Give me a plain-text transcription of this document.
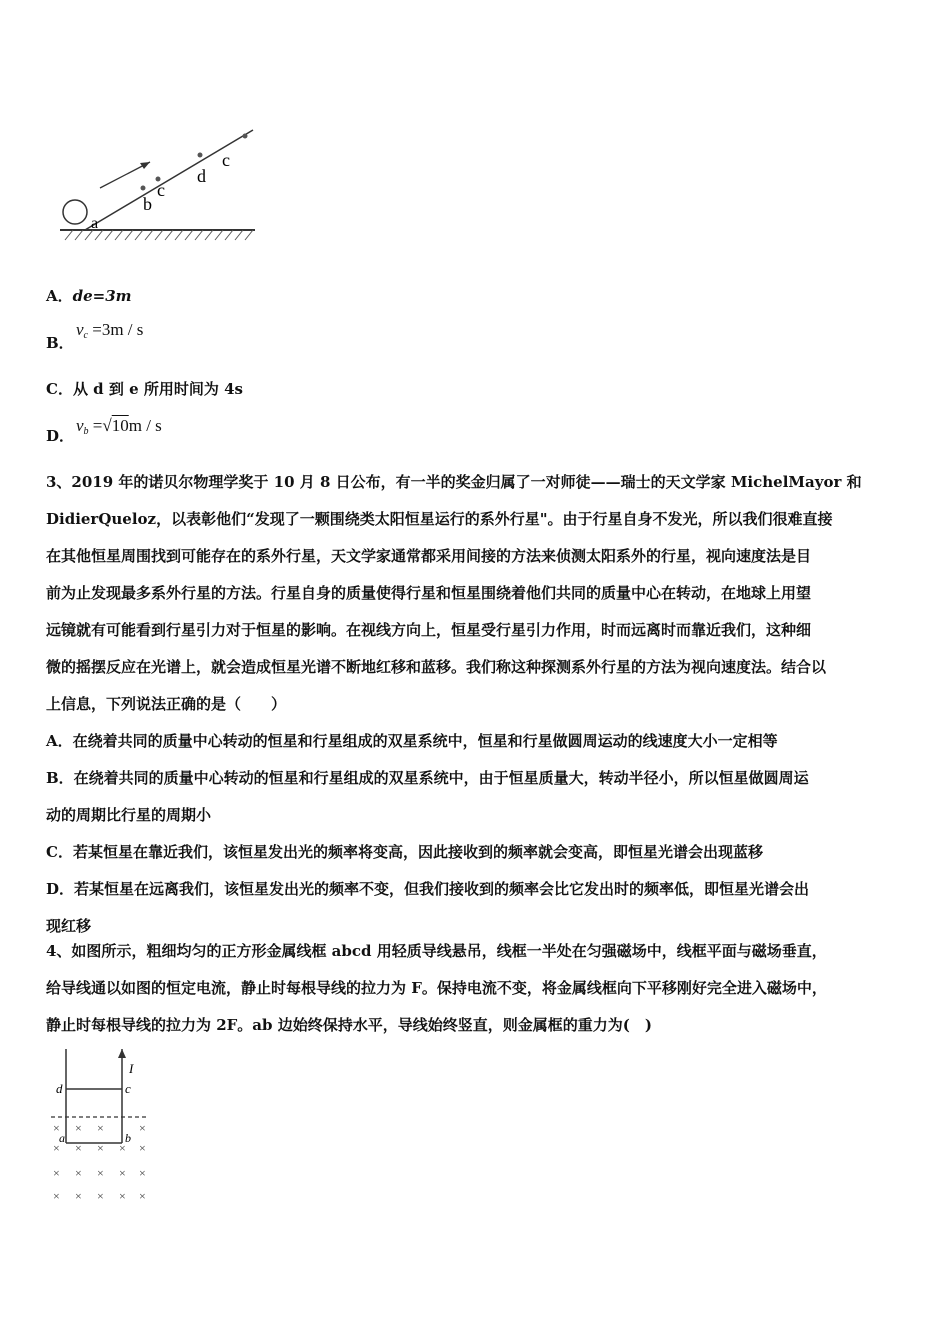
a
b
c
d
c
A．de=3m
B．
$v_c =3m / s$
C．从 d 到 e 所用时间为 4s
D．
$v_b =√10m / s$
3、2019 年的诺贝尔物理学奖于 10 月 8 日公布，有一半的奖金归属了一对师徒——瑞士的天文学家 MichelMayor 和
DidierQueloz，以表彰他们“发现了一颗围绕类太阳恒星运行的系外行星"。由于行星自身不发光，所以我们很难直接
在其他恒星周围找到可能存在的系外行星，天文学家通常都采用间接的方法来侦测太阳系外的行星，视向速度法是目
前为止发现最多系外行星的方法。行星自身的质量使得行星和恒星围绕着他们共同的质量中心在转动，在地球上用望
远镜就有可能看到行星引力对于恒星的影响。在视线方向上，恒星受行星引力作用，时而远离时而靠近我们，这种细
微的摇摆反应在光谱上，就会造成恒星光谱不断地红移和蓝移。我们称这种探测系外行星的方法为视向速度法。结合以
上信息，下列说法正确的是（　　）
A．在绕着共同的质量中心转动的恒星和行星组成的双星系统中，恒星和行星做圆周运动的线速度大小一定相等
B．在绕着共同的质量中心转动的恒星和行星组成的双星系统中，由于恒星质量大，转动半径小，所以恒星做圆周运
动的周期比行星的周期小
C．若某恒星在靠近我们，该恒星发出光的频率将变高，因此接收到的频率就会变高，即恒星光谱会出现蓝移
D．若某恒星在远离我们，该恒星发出光的频率不变，但我们接收到的频率会比它发出时的频率低，即恒星光谱会出
现红移
4、如图所示，粗细均匀的正方形金属线框 abcd 用轻质导线悬吊，线框一半处在匀强磁场中，线框平面与磁场垂直，
给导线通以如图的恒定电流，静止时每根导线的拉力为 F。保持电流不变，将金属线框向下平移刚好完全进入磁场中，
静止时每根导线的拉力为 2F。ab 边始终保持水平，导线始终竖直，则金属框的重力为(　)
d	c
I
a	b
× × ×	×
× × × × ×
× × × × ×
× × × × ×
